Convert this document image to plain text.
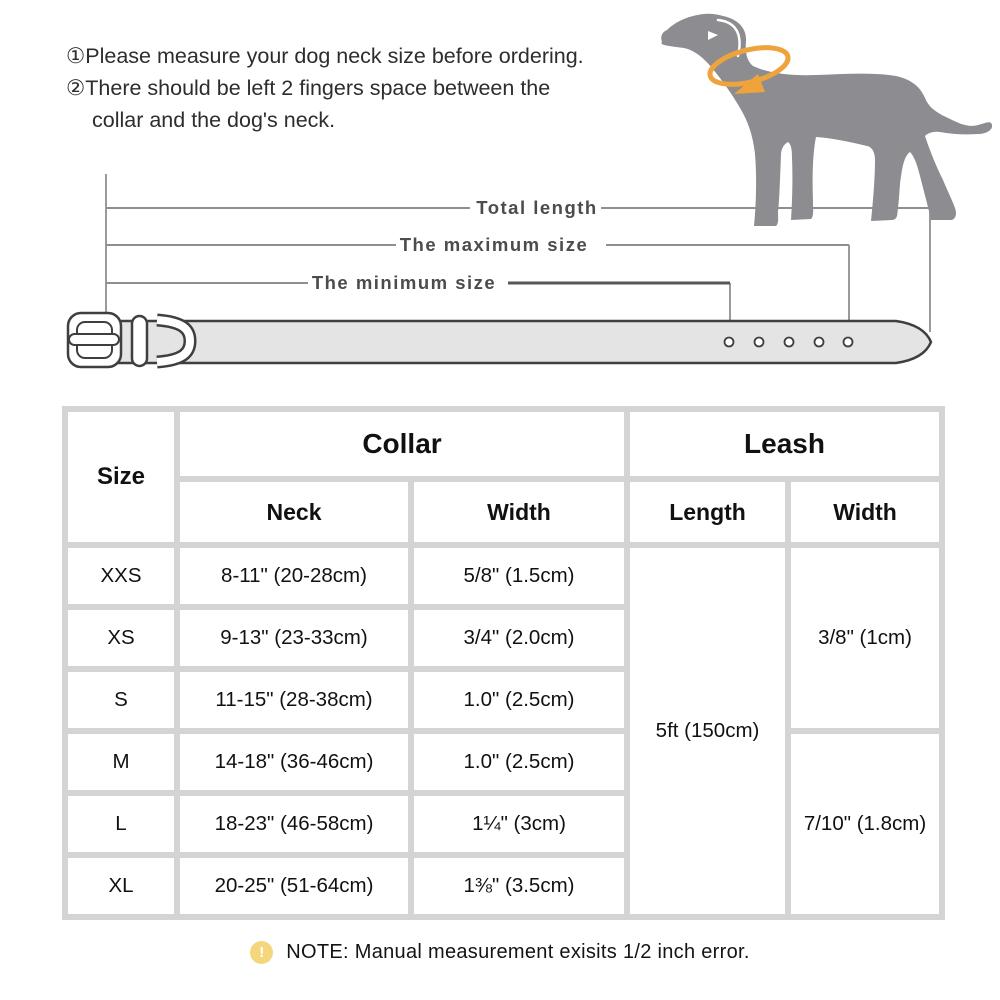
①Please measure your dog neck size before ordering.
②There should be left 2 fingers space between the
collar and the dog's neck.
Total length
The maximum size
The minimum size
Size	Collar		Leash	
	Neck	Width	Length	Width
XXS	8-11" (20-28cm)	5/8" (1.5cm)	5ft (150cm)	3/8" (1cm)
XS	9-13" (23-33cm)	3/4" (2.0cm)		
S	11-15" (28-38cm)	1.0" (2.5cm)		
M	14-18" (36-46cm)	1.0" (2.5cm)		7/10" (1.8cm)
L	18-23" (46-58cm)	1¼" (3cm)		
XL	20-25" (51-64cm)	1⅜" (3.5cm)		
!	NOTE: Manual measurement exisits 1/2 inch error.
